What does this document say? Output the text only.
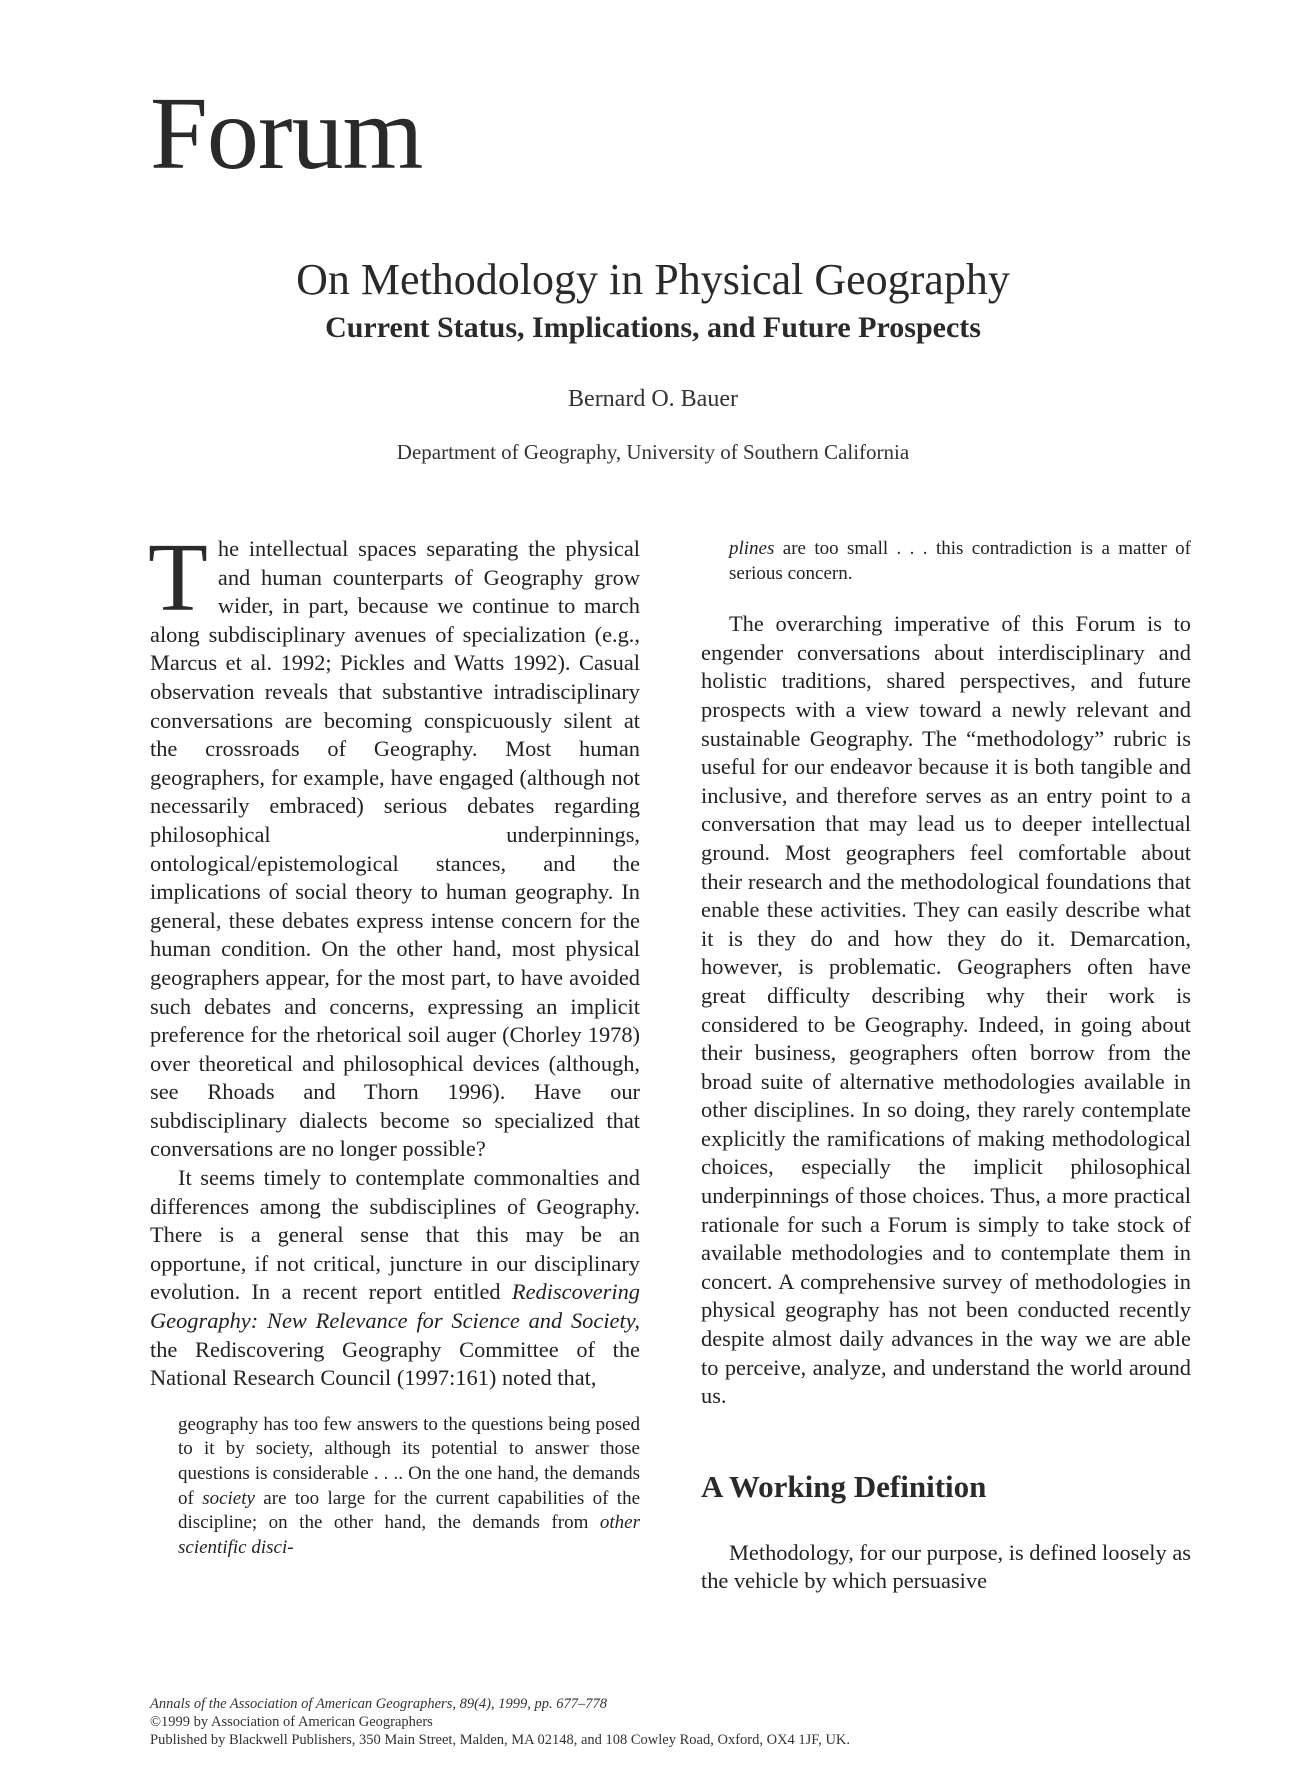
Forum
On Methodology in Physical Geography
Current Status, Implications, and Future Prospects
Bernard O. Bauer
Department of Geography, University of Southern California

The intellectual spaces separating the physical and human counterparts of Geography grow wider, in part, because we continue to march along subdisciplinary avenues of specialization (e.g., Marcus et al. 1992; Pickles and Watts 1992). Casual observation reveals that substantive intradisciplinary conversations are becoming conspicuously silent at the crossroads of Geography. Most human geographers, for example, have engaged (although not necessarily embraced) serious debates regarding philosophical underpinnings, ontological/epistemological stances, and the implications of social theory to human geography. In general, these debates express intense concern for the human condition. On the other hand, most physical geographers appear, for the most part, to have avoided such debates and concerns, expressing an implicit preference for the rhetorical soil auger (Chorley 1978) over theoretical and philosophical devices (although, see Rhoads and Thorn 1996). Have our subdisciplinary dialects become so specialized that conversations are no longer possible?

It seems timely to contemplate commonalties and differences among the subdisciplines of Geography. There is a general sense that this may be an opportune, if not critical, juncture in our disciplinary evolution. In a recent report entitled Rediscovering Geography: New Relevance for Science and Society, the Rediscovering Geography Committee of the National Research Council (1997:161) noted that,

geography has too few answers to the questions being posed to it by society, although its potential to answer those questions is considerable . . .. On the one hand, the demands of society are too large for the current capabilities of the discipline; on the other hand, the demands from other scientific disci-

plines are too small . . . this contradiction is a matter of serious concern.

The overarching imperative of this Forum is to engender conversations about interdisciplinary and holistic traditions, shared perspectives, and future prospects with a view toward a newly relevant and sustainable Geography. The “methodology” rubric is useful for our endeavor because it is both tangible and inclusive, and therefore serves as an entry point to a conversation that may lead us to deeper intellectual ground. Most geographers feel comfortable about their research and the methodological foundations that enable these activities. They can easily describe what it is they do and how they do it. Demarcation, however, is problematic. Geographers often have great difficulty describing why their work is considered to be Geography. Indeed, in going about their business, geographers often borrow from the broad suite of alternative methodologies available in other disciplines. In so doing, they rarely contemplate explicitly the ramifications of making methodological choices, especially the implicit philosophical underpinnings of those choices. Thus, a more practical rationale for such a Forum is simply to take stock of available methodologies and to contemplate them in concert. A comprehensive survey of methodologies in physical geography has not been conducted recently despite almost daily advances in the way we are able to perceive, analyze, and understand the world around us.

A Working Definition

Methodology, for our purpose, is defined loosely as the vehicle by which persuasive

Annals of the Association of American Geographers, 89(4), 1999, pp. 677–778
©1999 by Association of American Geographers
Published by Blackwell Publishers, 350 Main Street, Malden, MA 02148, and 108 Cowley Road, Oxford, OX4 1JF, UK.
